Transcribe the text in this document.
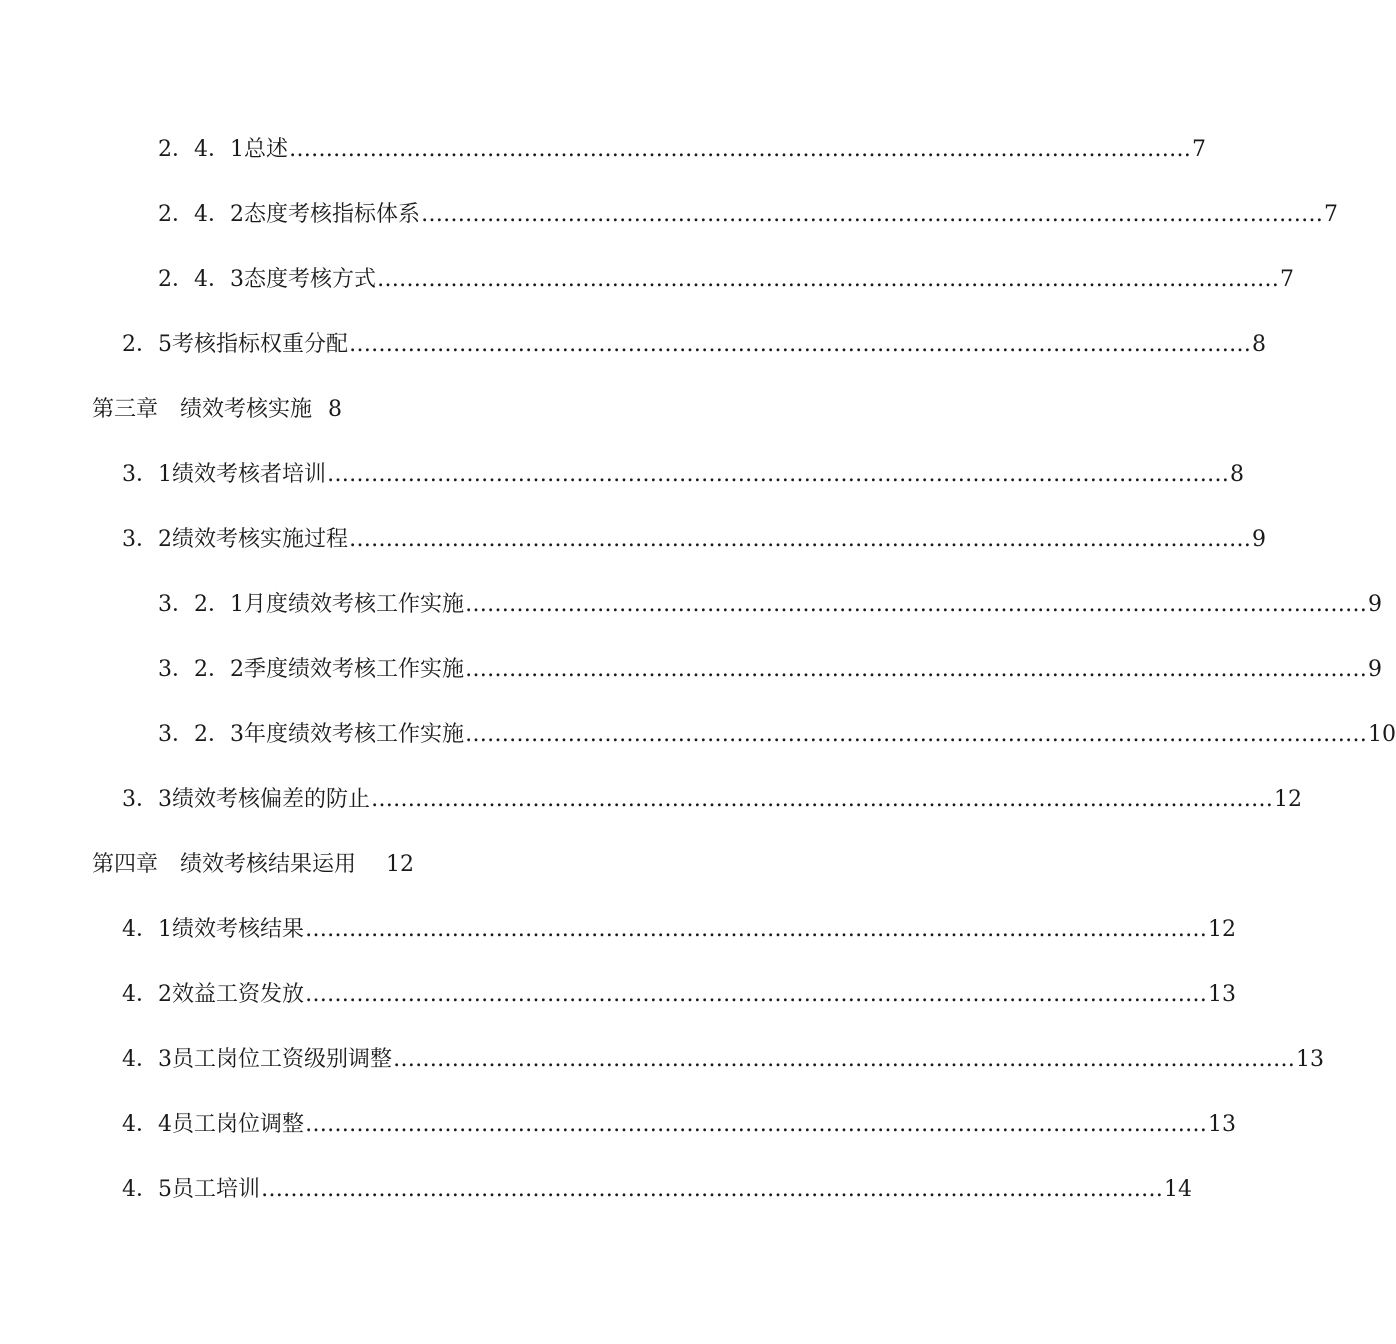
2．4．1总述 …………………………………………………………………………………………………………… 7
2．4．2态度考核指标体系 …………………………………………………………………………………………………………… 7
2．4．3态度考核方式 …………………………………………………………………………………………………………… 7
2．5考核指标权重分配 …………………………………………………………………………………………………………… 8
第三章　绩效考核实施 8
3．1绩效考核者培训 …………………………………………………………………………………………………………… 8
3．2绩效考核实施过程 …………………………………………………………………………………………………………… 9
3．2．1月度绩效考核工作实施 …………………………………………………………………………………………………………… 9
3．2．2季度绩效考核工作实施 …………………………………………………………………………………………………………… 9
3．2．3年度绩效考核工作实施 …………………………………………………………………………………………………………… 10
3．3绩效考核偏差的防止 …………………………………………………………………………………………………………… 12
第四章　绩效考核结果运用 12
4．1绩效考核结果 …………………………………………………………………………………………………………… 12
4．2效益工资发放 …………………………………………………………………………………………………………… 13
4．3员工岗位工资级别调整 …………………………………………………………………………………………………………… 13
4．4员工岗位调整 …………………………………………………………………………………………………………… 13
4．5员工培训 …………………………………………………………………………………………………………… 14
